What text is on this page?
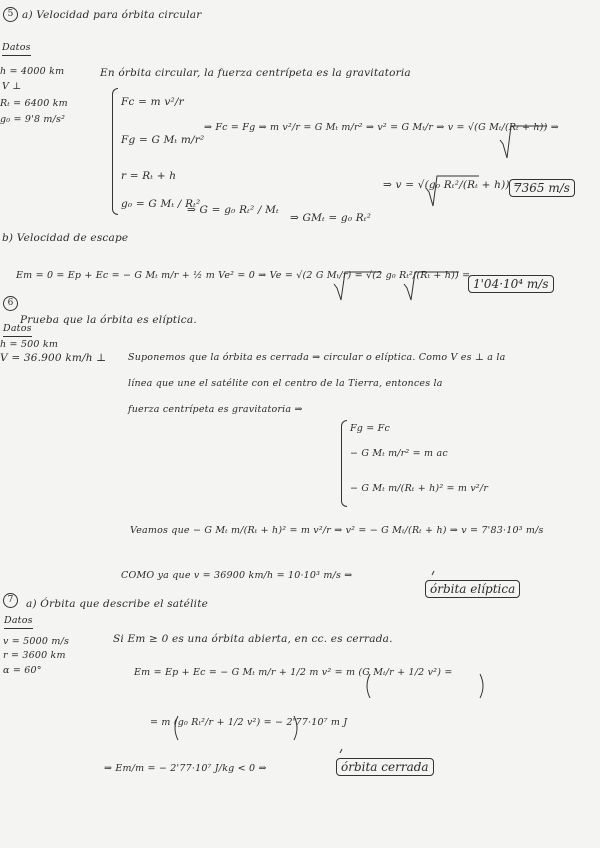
5 a) Velocidad para órbita circular
Datos
h = 4000 km
V ⊥
Rₜ = 6400 km
g₀ = 9'8 m/s²
En órbita circular, la fuerza centrípeta es la gravitatoria
Fc = m v²/r
Fg = G Mₜ m/r²
r = Rₜ + h
g₀ = G Mₜ / Rₜ²
⇒ G = g₀ Rₜ² / Mₜ
⇒ GMₜ = g₀ Rₜ²
⇒ Fc = Fg ⇒ m v²/r = G Mₜ m/r² ⇒ v² = G Mₜ/r ⇒ v = √(G Mₜ/(Rₜ + h)) ⇒
⇒ v = √(g₀ Rₜ²/(Rₜ + h)) =
7365 m/s
b) Velocidad de escape
Em = 0 = Ep + Ec = − G Mₜ m/r + ½ m Ve² = 0 ⇒ Ve = √(2 G Mₜ/r) = √(2 g₀ Rₜ²/(Rₜ + h)) =
1'04·10⁴ m/s
6
Prueba que la órbita es elíptica.
Datos
h = 500 km
V = 36.900 km/h ⊥ Suponemos que la órbita es cerrada ⇒ circular o elíptica. Como V es ⊥ a la
línea que une el satélite con el centro de la Tierra, entonces la
fuerza centrípeta es gravitatoria ⇒
Fg = Fc
− G Mₜ m/r² = m ac
− G Mₜ m/(Rₜ + h)² = m v²/r
Veamos que − G Mₜ m/(Rₜ + h)² = m v²/r ⇒ v² = − G Mₜ/(Rₜ + h) ⇒ v = 7'83·10³ m/s
COMO ya que v = 36900 km/h = 10·10³ m/s ⇒
órbita elíptica
7	a) Órbita que describe el satélite
Datos
v = 5000 m/s
r = 3600 km
α = 60°
Si Em ≥ 0 es una órbita abierta, en cc. es cerrada.
Em = Ep + Ec = − G Mₜ m/r + 1/2 m v² = m (G Mₜ/r + 1/2 v²) =
= m (g₀ Rₜ²/r + 1/2 v²) = − 2'77·10⁷ m J
⇒ Em/m = − 2'77·10⁷ J/kg < 0 ⇒	órbita cerrada
